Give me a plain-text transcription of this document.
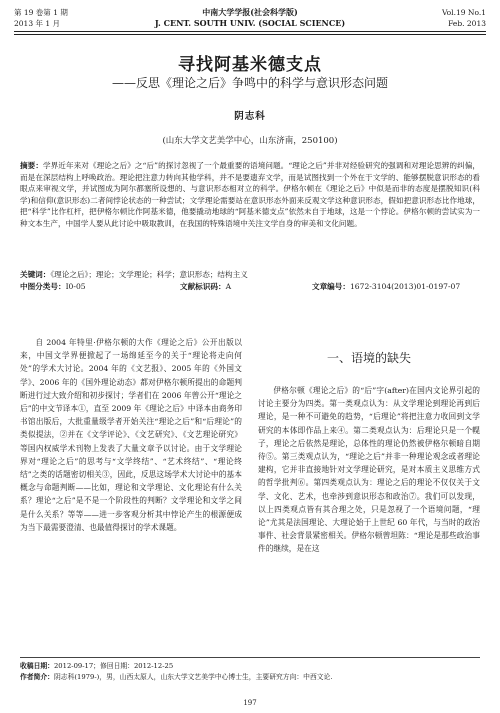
第 19 卷第 1 期
2013 年 1 月
中南大学学报(社会科学版)
J. CENT. SOUTH UNIV. (SOCIAL SCIENCE)
Vol.19 No.1
Feb. 2013
寻找阿基米德支点
——反思《理论之后》争鸣中的科学与意识形态问题
阴志科
(山东大学文艺美学中心，山东济南，250100)
摘要：学界近年来对《理论之后》之“后”的探讨忽视了一个最重要的语境问题。“理论之后”并非对经验研究的强调和对理论思辨的纠偏，而是在深层结构上呼唤政治。理论把注意力转向其他学科，并不是要遗弃文学，而是试图找到一个外在于文学的、能够摆脱意识形态的看眼点来审视文学，并试图成为阿尔都塞所设想的、与意识形态相对立的科学。伊格尔顿在《理论之后》中似是而非的态度是摆脱知识(科学)和信仰(意识形态)二者间悖论状态的一种尝试；文学理论需要站在意识形态外面来反观文学这种意识形态，假如把意识形态比作地球，把“科学”比作杠杆，把伊格尔顿比作阿基米德，他要撬动地球的“阿基米德支点”依然未自于地球，这是一个悖论。伊格尔顿的尝试实为一种文本生产，中国学人要从此讨论中吸取教训，在我国的特殊语境中关注文学自身的审美和文化问题。
关键词：《理论之后》；理论；文学理论；科学；意识形态；结构主义
中图分类号：I0-05	文献标识码：A	文章编号：1672-3104(2013)01-0197-07
自 2004 年特里·伊格尔顿的大作《理论之后》公开出版以来，中国文学界便掀起了一场绵延至今的关于“理论将走向何处”的学术大讨论。2004 年的《文艺报》、2005 年的《外国文学》、2006 年的《国外理论动态》都对伊格尔顿所提出的命题判断进行过大致介绍和初步探讨；学者们在 2006 年曾公开“理论之后”的中文节译本①，直至 2009 年《理论之后》中译本由商务印书馆出版后，大批重量级学者开始关注“理论之后”和“后理论”的类似提法，②并在《文学评论》、《文艺研究》、《文艺理论研究》等国内权威学术刊物上发表了大量文章予以讨论。由于文学理论界对“理论之后”的思考与“文学终结”、“艺术终结”、“理论终结”之类的话题密切相关③，因此，反思这场学术大讨论中的基本概念与命题判断——比如，理论和文学理论、文化理论有什么关系？理论“之后”是不是一个阶段性的判断？文学理论和文学之间是什么关系？等等——进一步客观分析其中悖论产生的根源便成为当下最需要澄清、也最值得探讨的学术课题。
一、语境的缺失
伊格尔顿《理论之后》的“后”字(after)在国内文论界引起的讨论主要分为四类。第一类观点认为：从文学理论到理论再到后理论，是一种不可避免的趋势，“后理论”将把注意力收回到文学研究的本体即作品上来④。第二类观点认为：后理论只是一个幌子，理论之后依然是理论，总体性的理论仍然被伊格尔顿暗自期待⑤。第三类观点认为，“理论之后”并非一种理论观念或者理论建构，它并非直接地针对文学理论研究，是对本质主义思维方式的哲学批判⑥。第四类观点认为：理论之后的理论不仅仅关于文学、文化、艺术，也牵涉到意识形态和政治⑦。我们可以发现，以上四类观点皆有其合理之处，只是忽视了一个语境问题，“理论”尤其是法国理论、大理论始于上世纪 60 年代，与当时的政治事件、社会背景紧密相关。伊格尔顿曾坦陈：“理论是那些政治事件的继续，是在这
收稿日期：2012-09-17；修回日期：2012-12-25
作者简介：阴志科(1979-)，男，山西太原人，山东大学文艺美学中心博士生，主要研究方向：中西文论.
197
